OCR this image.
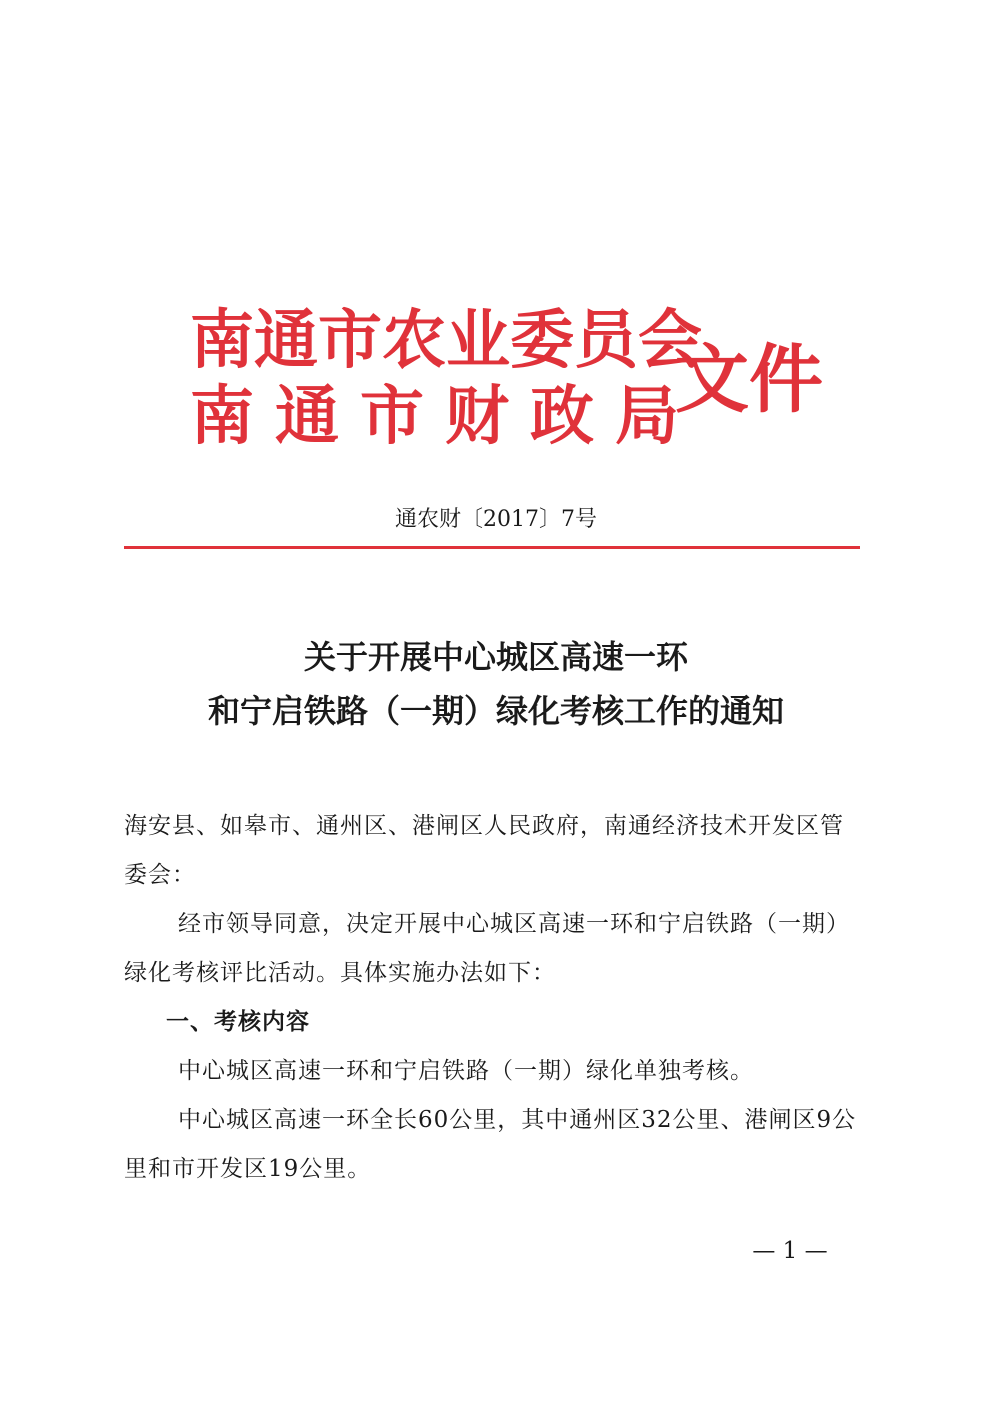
南通市农业委员会
南通市财政局
文件
通农财〔2017〕7号
关于开展中心城区高速一环
和宁启铁路（一期）绿化考核工作的通知

海安县、如皋市、通州区、港闸区人民政府，南通经济技术开发区管委会：

经市领导同意，决定开展中心城区高速一环和宁启铁路（一期）绿化考核评比活动。具体实施办法如下：

一、考核内容

中心城区高速一环和宁启铁路（一期）绿化单独考核。

中心城区高速一环全长60公里，其中通州区32公里、港闸区9公里和市开发区19公里。

— 1 —
